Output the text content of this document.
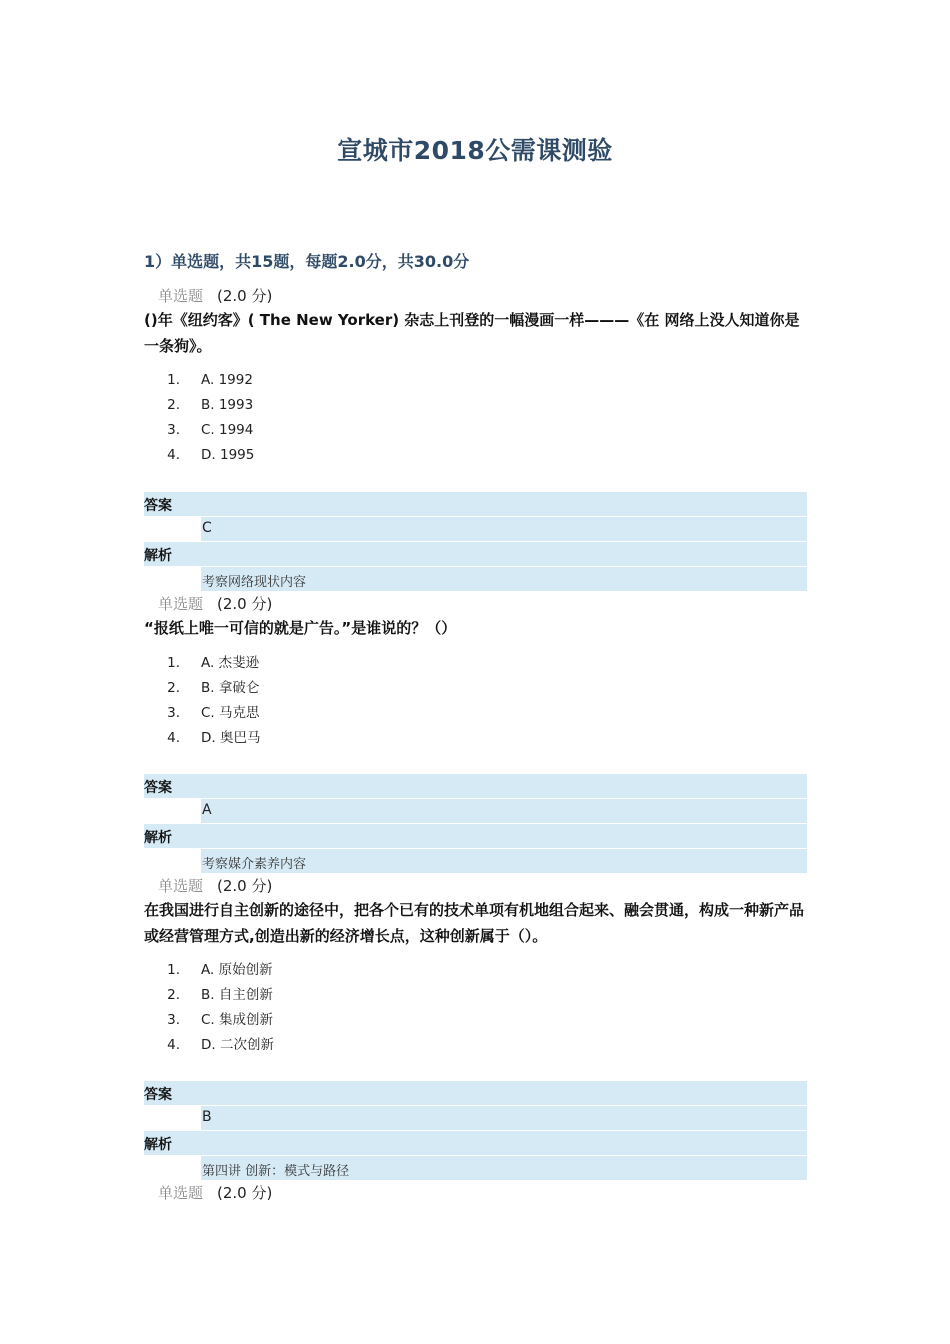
宣城市2018公需课测验
1）单选题，共15题，每题2.0分，共30.0分
单选题 (2.0 分)
()年《纽约客》( The New Yorker) 杂志上刊登的一幅漫画一样———《在 网络上没人知道你是一条狗》。
1. A. 1992
2. B. 1993
3. C. 1994
4. D. 1995
答案
C
解析
考察网络现状内容
单选题 (2.0 分)
“报纸上唯一可信的就是广告。”是谁说的？（）
1. A. 杰斐逊
2. B. 拿破仑
3. C. 马克思
4. D. 奥巴马
答案
A
解析
考察媒介素养内容
单选题 (2.0 分)
在我国进行自主创新的途径中，把各个已有的技术单项有机地组合起来、融会贯通，构成一种新产品或经营管理方式,创造出新的经济增长点，这种创新属于（）。
1. A. 原始创新
2. B. 自主创新
3. C. 集成创新
4. D. 二次创新
答案
B
解析
第四讲 创新：模式与路径
单选题 (2.0 分)
